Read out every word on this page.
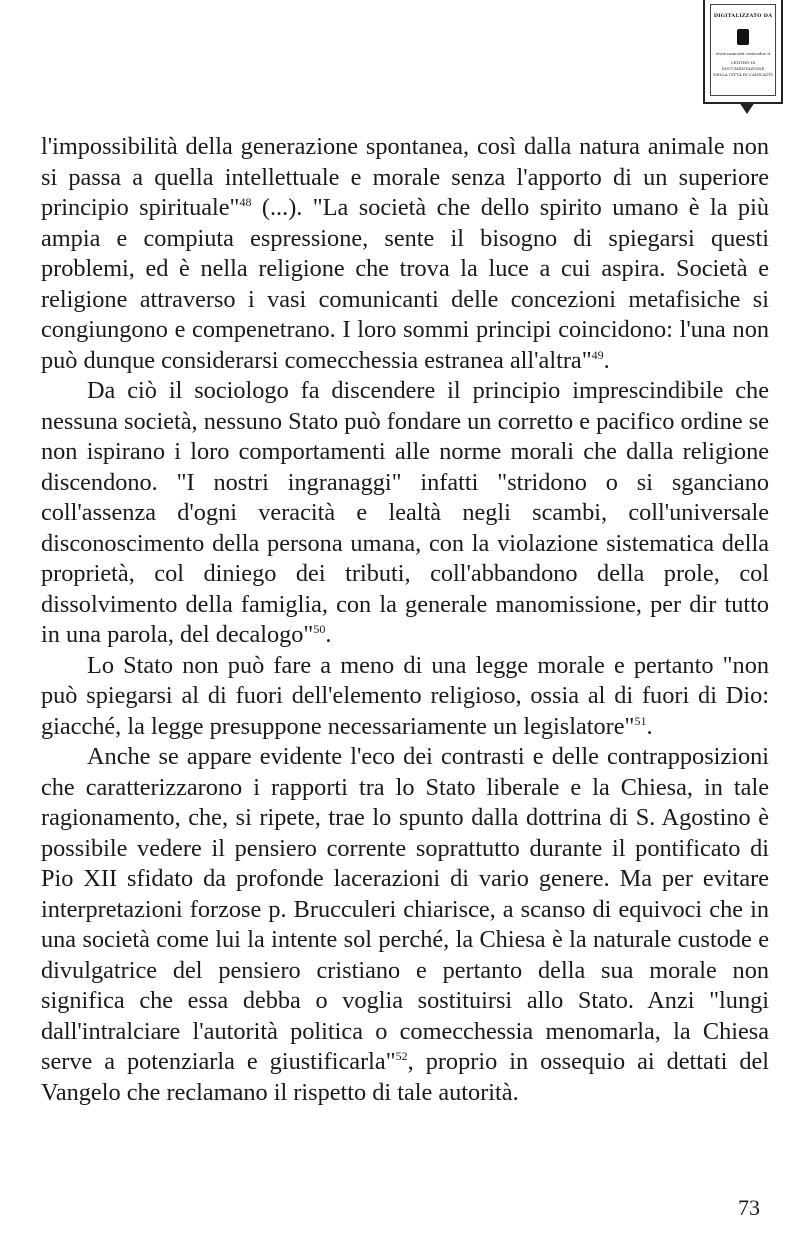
DIGITALIZZATO DA
www.canicatti-centrodoc.it
CENTRO DI DOCUMENTAZIONE
DELLA CITTÀ DI CANICATTÌ

l'impossibilità della generazione spontanea, così dalla natura animale non si passa a quella intellettuale e morale senza l'apporto di un superiore principio spirituale"$^{48}$ (...). "La società che dello spirito umano è la più ampia e compiuta espressione, sente il bisogno di spiegarsi questi problemi, ed è nella religione che trova la luce a cui aspira. Società e religione attraverso i vasi comunicanti delle concezioni metafisiche si congiungono e compenetrano. I loro sommi principi coincidono: l'una non può dunque considerarsi comecchessia estranea all'altra"$^{49}$.

Da ciò il sociologo fa discendere il principio imprescindibile che nessuna società, nessuno Stato può fondare un corretto e pacifico ordine se non ispirano i loro comportamenti alle norme morali che dalla religione discendono. "I nostri ingranaggi" infatti "stridono o si sganciano coll'assenza d'ogni veracità e lealtà negli scambi, coll'universale disconoscimento della persona umana, con la violazione sistematica della proprietà, col diniego dei tributi, coll'abbandono della prole, col dissolvimento della famiglia, con la generale manomissione, per dir tutto in una parola, del decalogo"$^{50}$.

Lo Stato non può fare a meno di una legge morale e pertanto "non può spiegarsi al di fuori dell'elemento religioso, ossia al di fuori di Dio: giacché, la legge presuppone necessariamente un legislatore"$^{51}$.

Anche se appare evidente l'eco dei contrasti e delle contrapposizioni che caratterizzarono i rapporti tra lo Stato liberale e la Chiesa, in tale ragionamento, che, si ripete, trae lo spunto dalla dottrina di S. Agostino è possibile vedere il pensiero corrente soprattutto durante il pontificato di Pio XII sfidato da profonde lacerazioni di vario genere. Ma per evitare interpretazioni forzose p. Brucculeri chiarisce, a scanso di equivoci che in una società come lui la intente sol perché, la Chiesa è la naturale custode e divulgatrice del pensiero cristiano e pertanto della sua morale non significa che essa debba o voglia sostituirsi allo Stato. Anzi "lungi dall'intralciare l'autorità politica o comecchessia menomarla, la Chiesa serve a potenziarla e giustificarla"$^{52}$, proprio in ossequio ai dettati del Vangelo che reclamano il rispetto di tale autorità.

73
